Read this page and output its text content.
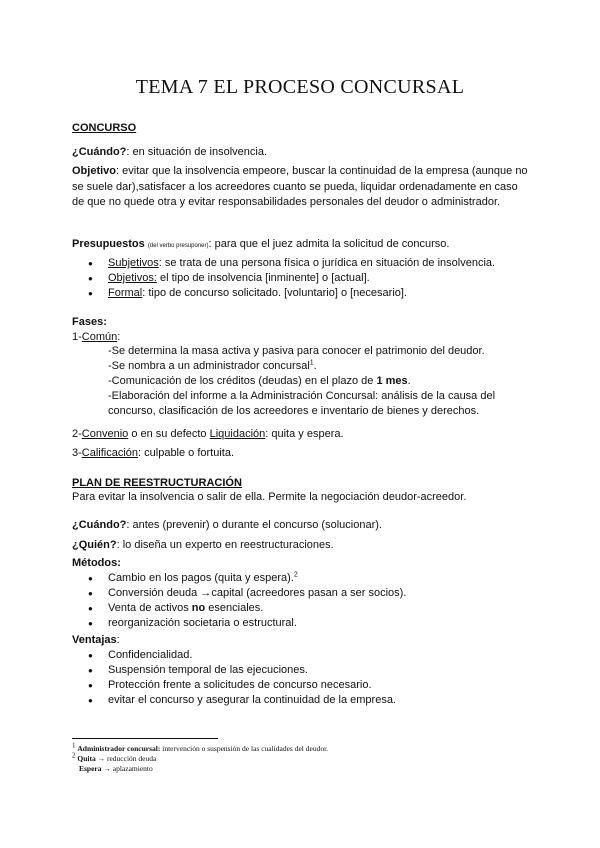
TEMA 7 EL PROCESO CONCURSAL
CONCURSO
¿Cuándo?: en situación de insolvencia.

Objetivo: evitar que la insolvencia empeore, buscar la continuidad de la empresa (aunque no se suele dar),satisfacer a los acreedores cuanto se pueda, liquidar ordenadamente en caso de que no quede otra y evitar responsabilidades personales del deudor o administrador.

Presupuestos (del verbo presuponer): para que el juez admita la solicitud de concurso.
● Subjetivos: se trata de una persona física o jurídica en situación de insolvencia.
● Objetivos: el tipo de insolvencia [inminente] o [actual].
● Formal: tipo de concurso solicitado. [voluntario] o [necesario].
Fases:
1-Común:
-Se determina la masa activa y pasiva para conocer el patrimonio del deudor.
-Se nombra a un administrador concursal$^1$.
-Comunicación de los créditos (deudas) en el plazo de 1 mes.
-Elaboración del informe a la Administración Concursal: análisis de la causa del
concurso, clasificación de los acreedores e inventario de bienes y derechos.
2-Convenio o en su defecto Liquidación: quita y espera.
3-Calificación: culpable o fortuita.
PLAN DE REESTRUCTURACIÓN
Para evitar la insolvencia o salir de ella. Permite la negociación deudor-acreedor.
¿Cuándo?: antes (prevenir) o durante el concurso (solucionar).
¿Quién?: lo diseña un experto en reestructuraciones.
Métodos:
● Cambio en los pagos (quita y espera).$^2$
● Conversión deuda →capital (acreedores pasan a ser socios).
● Venta de activos no esenciales.
● reorganización societaria o estructural.
Ventajas:
● Confidencialidad.
● Suspensión temporal de las ejecuciones.
● Protección frente a solicitudes de concurso necesario.
● evitar el concurso y asegurar la continuidad de la empresa.
$^1$ Administrador concursal: intervención o suspensión de las cualidades del deudor.
$^2$ Quita → reducción deuda
Espera → aplazamiento
